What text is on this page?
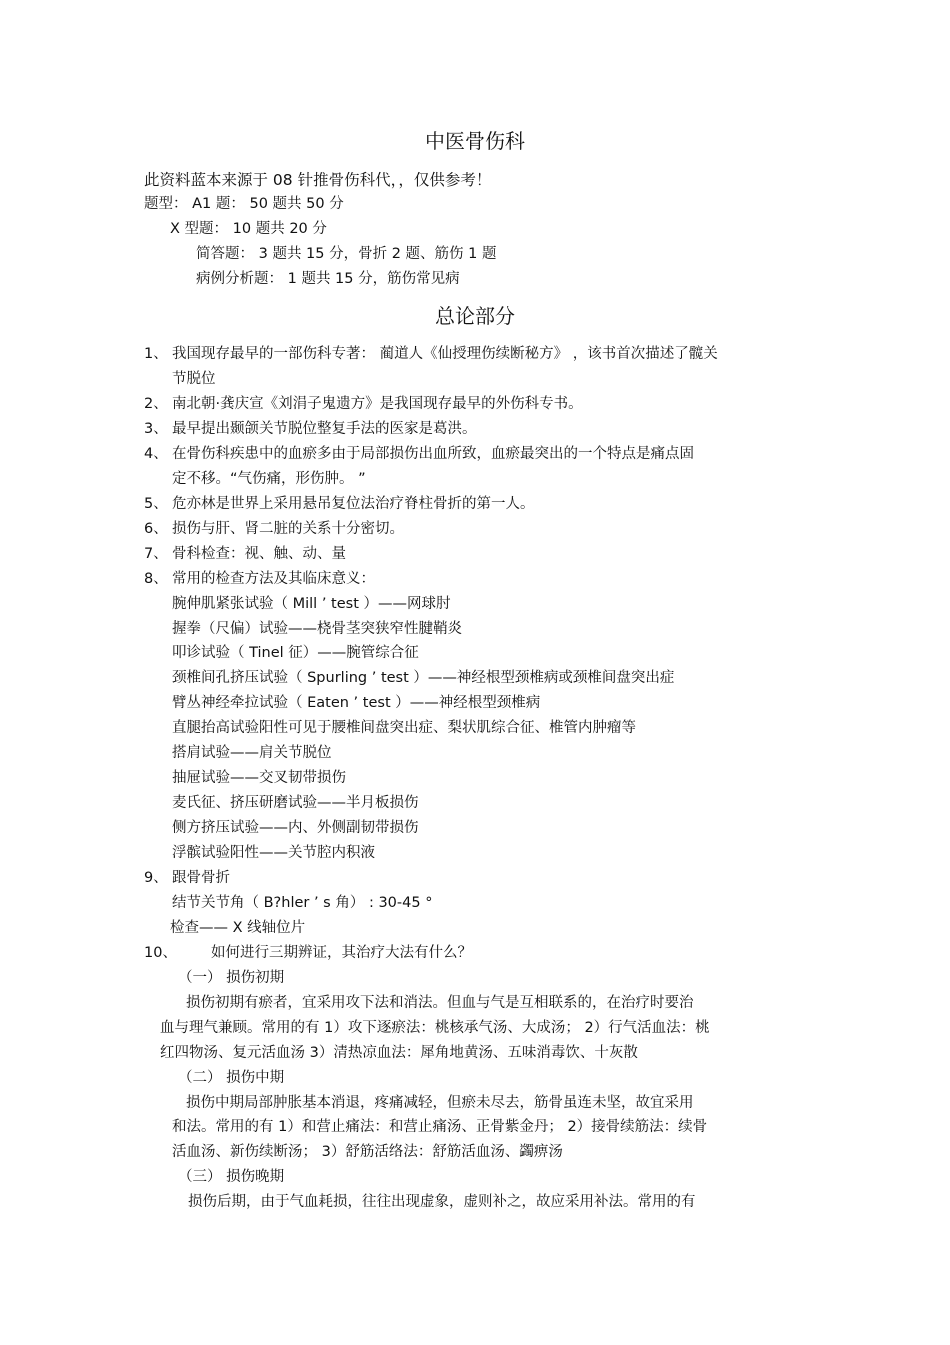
中医骨伤科
此资料蓝本来源于 08 针推骨伤科代，，仅供参考！
题型： A1 题： 50 题共 50 分
X 型题： 10 题共 20 分
简答题： 3 题共 15 分，骨折 2 题、筋伤 1 题
病例分析题： 1 题共 15 分，筋伤常见病
总论部分
1、 我国现存最早的一部伤科专著： 蔺道人《仙授理伤续断秘方》 ，该书首次描述了髋关
节脱位
2、 南北朝·龚庆宣《刘涓子鬼遗方》是我国现存最早的外伤科专书。
3、 最早提出颞颌关节脱位整复手法的医家是葛洪。
4、 在骨伤科疾患中的血瘀多由于局部损伤出血所致，血瘀最突出的一个特点是痛点固
定不移。“气伤痛，形伤肿。 ”
5、 危亦林是世界上采用悬吊复位法治疗脊柱骨折的第一人。
6、 损伤与肝、肾二脏的关系十分密切。
7、 骨科检查：视、触、动、量
8、 常用的检查方法及其临床意义：
腕伸肌紧张试验（ Mill ’ test ）——网球肘
握拳（尺偏）试验——桡骨茎突狭窄性腱鞘炎
叩诊试验（ Tinel 征）——腕管综合征
颈椎间孔挤压试验（ Spurling ’ test ）——神经根型颈椎病或颈椎间盘突出症
臂丛神经牵拉试验（ Eaten ’ test ）——神经根型颈椎病
直腿抬高试验阳性可见于腰椎间盘突出症、梨状肌综合征、椎管内肿瘤等
搭肩试验——肩关节脱位
抽屉试验——交叉韧带损伤
麦氏征、挤压研磨试验——半月板损伤
侧方挤压试验——内、外侧副韧带损伤
浮髌试验阳性——关节腔内积液
9、 跟骨骨折
结节关节角（ B?hler ’ s 角） : 30-45 °
检查—— X 线轴位片
10、 如何进行三期辨证，其治疗大法有什么？
（一） 损伤初期
损伤初期有瘀者，宜采用攻下法和消法。但血与气是互相联系的，在治疗时要治
血与理气兼顾。常用的有 1）攻下逐瘀法：桃核承气汤、大成汤； 2）行气活血法：桃
红四物汤、复元活血汤 3）清热凉血法：犀角地黄汤、五味消毒饮、十灰散
（二） 损伤中期
损伤中期局部肿胀基本消退，疼痛减轻，但瘀未尽去，筋骨虽连未坚，故宜采用
和法。常用的有 1）和营止痛法：和营止痛汤、正骨紫金丹； 2）接骨续筋法：续骨
活血汤、新伤续断汤； 3）舒筋活络法：舒筋活血汤、蠲痹汤
（三） 损伤晚期
损伤后期，由于气血耗损，往往出现虚象，虚则补之，故应采用补法。常用的有
